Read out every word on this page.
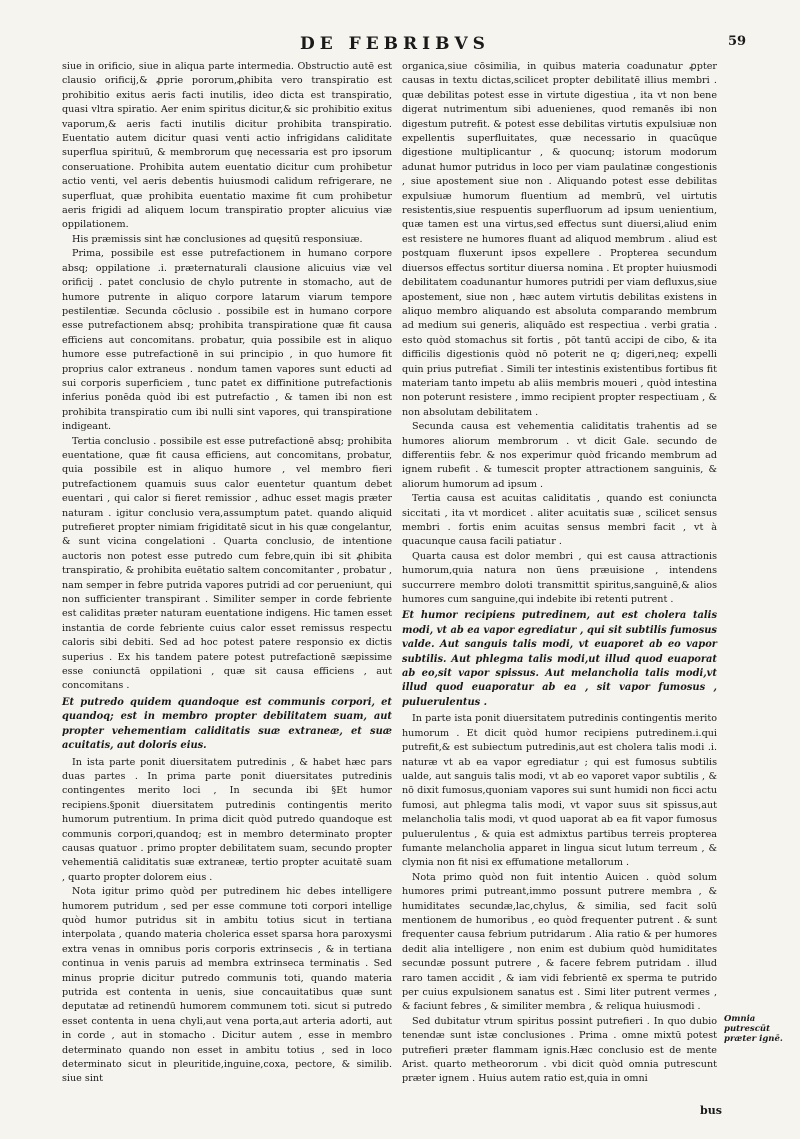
DE FEBRIBVS	59

siue in orificio, siue in aliqua parte intermedia. Obstructio autē est clausio orificij,& ꝓprie pororum,ꝓhibita vero transpiratio est prohibitio exitus aeris facti inutilis, ideo dicta est transpiratio, quasi vltra spiratio. Aer enim spiritus dicitur,& sic prohibitio exitus vaporum,& aeris facti inutilis dicitur prohibita transpiratio. Euentatio autem dicitur quasi venti actio infrigidans caliditate superflua spirituū, & membrorum quę necessaria est pro ipsorum conseruatione. Prohibita autem euentatio dicitur cum prohibetur actio venti, vel aeris debentis huiusmodi calidum refrigerare, ne superfluat, quæ prohibita euentatio maxime fit cum prohibetur aeris frigidi ad aliquem locum transpiratio propter alicuius viæ oppilationem.

His præmissis sint hæ conclusiones ad quęsitū responsiuæ.

Prima, possibile est esse putrefactionem in humano corpore absq; oppilatione .i. præternaturali clausione alicuius viæ vel orificij . patet conclusio de chylo putrente in stomacho, aut de humore putrente in aliquo corpore latarum viarum tempore pestilentiæ. Secunda cōclusio . possibile est in humano corpore esse putrefactionem absq; prohibita transpiratione quæ fit causa efficiens aut concomitans. probatur, quia possibile est in aliquo humore esse putrefactionē in sui principio , in quo humore fit proprius calor extraneus . nondum tamen vapores sunt educti ad sui corporis superficiem , tunc patet ex diffinitione putrefactionis inferius ponēda quòd ibi est putrefactio , & tamen ibi non est prohibita transpiratio cum ibi nulli sint vapores, qui transpiratione indigeant.

Tertia conclusio . possibile est esse putrefactionē absq; prohibita euentatione, quæ fit causa efficiens, aut concomitans, probatur, quia possibile est in aliquo humore , vel membro fieri putrefactionem quamuis suus calor euentetur quantum debet euentari , qui calor si fieret remissior , adhuc esset magis præter naturam . igitur conclusio vera,assumptum patet. quando aliquid putrefieret propter nimiam frigiditatē sicut in his quæ congelantur, & sunt vicina congelationi . Quarta conclusio, de intentione auctoris non potest esse putredo cum febre,quin ibi sit ꝓhibita transpiratio, & prohibita euētatio saltem concomitanter , probatur , nam semper in febre putrida vapores putridi ad cor perueniunt, qui non sufficienter transpirant . Similiter semper in corde febriente est caliditas præter naturam euentatione indigens. Hic tamen esset instantia de corde febriente cuius calor esset remissus respectu caloris sibi debiti. Sed ad hoc potest patere responsio ex dictis superius . Ex his tandem patere potest putrefactionē sæpissime esse coniunctā oppilationi , quæ sit causa efficiens , aut concomitans .

Et putredo quidem quandoque est communis corpori, et quandoq; est in membro propter debilitatem suam, aut propter vehementiam caliditatis suæ extraneæ, et suæ acuitatis, aut doloris eius.

In ista parte ponit diuersitatem putredinis , & habet hæc pars duas partes . In prima parte ponit diuersitates putredinis contingentes merito loci , In secunda ibi §Et humor recipiens.§ponit diuersitatem putredinis contingentis merito humorum putrentium. In prima dicit quòd putredo quandoque est communis corpori,quandoq; est in membro determinato propter causas quatuor . primo propter debilitatem suam, secundo propter vehementiā caliditatis suæ extraneæ, tertio propter acuitatē suam , quarto propter dolorem eius .

Nota igitur primo quòd per putredinem hic debes intelligere humorem putridum , sed per esse commune toti corpori intellige quòd humor putridus sit in ambitu totius sicut in tertiana interpolata , quando materia cholerica esset sparsa hora paroxysmi extra venas in omnibus poris corporis extrinsecis , & in tertiana continua in venis paruis ad membra extrinseca terminatis . Sed minus proprie dicitur putredo communis toti, quando materia putrida est contenta in uenis, siue concauitatibus quæ sunt deputatæ ad retinendū humorem communem toti. sicut si putredo esset contenta in uena chyli,aut vena porta,aut arteria adorti, aut in corde , aut in stomacho . Dicitur autem , esse in membro determinato quando non esset in ambitu totius , sed in loco determinato sicut in pleuritide,inguine,coxa, pectore, & similib. siue sint

organica,siue cōsimilia, in quibus materia coadunatur ꝓpter causas in textu dictas,scilicet propter debilitatē illius membri . quæ debilitas potest esse in virtute digestiua , ita vt non bene digerat nutrimentum sibi aduenienes, quod remanēs ibi non digestum putrefit. & potest esse debilitas virtutis expulsiuæ non expellentis superfluitates, quæ necessario in quacūque digestione multiplicantur , & quocunq; istorum modorum adunat humor putridus in loco per viam paulatinæ congestionis , siue apostement siue non . Aliquando potest esse debilitas expulsiuæ humorum fluentium ad membrū, vel uirtutis resistentis,siue respuentis superfluorum ad ipsum uenientium, quæ tamen est una virtus,sed effectus sunt diuersi,aliud enim est resistere ne humores fluant ad aliquod membrum . aliud est postquam fluxerunt ipsos expellere . Propterea secundum diuersos effectus sortitur diuersa nomina . Et propter huiusmodi debilitatem coadunantur humores putridi per viam defluxus,siue apostement, siue non , hæc autem virtutis debilitas existens in aliquo membro aliquando est absoluta comparando membrum ad medium sui generis, aliquādo est respectiua . verbi gratia . esto quòd stomachus sit fortis , pōt tantū accipi de cibo, & ita difficilis digestionis quòd nō poterit ne q; digeri,neq; expelli quin prius putrefiat . Simili ter intestinis existentibus fortibus fit materiam tanto impetu ab aliis membris moueri , quòd intestina non poterunt resistere , immo recipient propter respectiuam , & non absolutam debilitatem .

Secunda causa est vehementia caliditatis trahentis ad se humores aliorum membrorum . vt dicit Gale. secundo de differentiis febr. & nos experimur quòd fricando membrum ad ignem rubefit . & tumescit propter attractionem sanguinis, & aliorum humorum ad ipsum .

Tertia causa est acuitas caliditatis , quando est coniuncta siccitati , ita vt mordicet . aliter acuitatis suæ , scilicet sensus membri . fortis enim acuitas sensus membri facit , vt à quacunque causa facili patiatur .

Quarta causa est dolor membri , qui est causa attractionis humorum,quia natura non ūens præuisione , intendens succurrere membro doloti transmittit spiritus,sanguinē,& alios humores cum sanguine,qui indebite ibi retenti putrent .

Et humor recipiens putredinem, aut est cholera talis modi, vt ab ea vapor egrediatur , qui sit subtilis fumosus valde. Aut sanguis talis modi, vt euaporet ab eo vapor subtilis. Aut phlegma talis modi,ut illud quod euaporat ab eo,sit vapor spissus. Aut melancholia talis modi,vt illud quod euaporatur ab ea , sit vapor fumosus , puluerulentus .

In parte ista ponit diuersitatem putredinis contingentis merito humorum . Et dicit quòd humor recipiens putredinem.i.qui putrefit,& est subiectum putredinis,aut est cholera talis modi .i. naturæ vt ab ea vapor egrediatur ; qui est fumosus subtilis ualde, aut sanguis talis modi, vt ab eo vaporet vapor subtilis , & nō dixit fumosus,quoniam vapores sui sunt humidi non ficci actu fumosi, aut phlegma talis modi, vt vapor suus sit spissus,aut melancholia talis modi, vt quod uaporat ab ea fit vapor fumosus puluerulentus , & quia est admixtus partibus terreis propterea fumante melancholia apparet in lingua sicut lutum terreum , & clymia non fit nisi ex effumatione metallorum .

Nota primo quòd non fuit intentio Auicen . quòd solum humores primi putreant,immo possunt putrere membra , & humiditates secundæ,lac,chylus, & similia, sed facit solū mentionem de humoribus , eo quòd frequenter putrent . & sunt frequenter causa febrium putridarum . Alia ratio & per humores dedit alia intelligere , non enim est dubium quòd humiditates secundæ possunt putrere , & facere febrem putridam . illud raro tamen accidit , & iam vidi febrientē ex sperma te putrido per cuius expulsionem sanatus est . Simi liter putrent vermes , & faciunt febres , & similiter membra , & reliqua huiusmodi .

Sed dubitatur vtrum spiritus possint putrefieri . In quo dubio tenendæ sunt istæ conclusiones . Prima . omne mixtū potest putrefieri præter flammam ignis.Hæc conclusio est de mente Arist. quarto metheororum . vbi dicit quòd omnia putrescunt præter ignem . Huius autem ratio est,quia in omni

Omnia putrescūt præter ignē.
bus
